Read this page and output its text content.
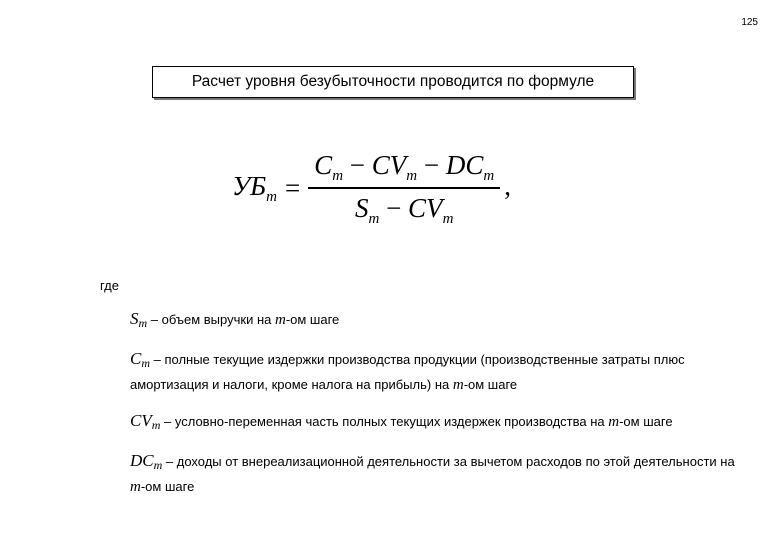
125
Расчет уровня безубыточности проводится по формуле
$УБ_m = \frac{C_m - CV_m - DC_m}{S_m - CV_m}$ ,
где
$S_m$ – объем выручки на m-ом шаге
$C_m$ – полные текущие издержки производства продукции (производственные затраты плюс амортизация и налоги, кроме налога на прибыль) на m-ом шаге
$CV_m$ – условно-переменная часть полных текущих издержек производства на m-ом шаге
$DC_m$ – доходы от внереализационной деятельности за вычетом расходов по этой деятельности на m-ом шаге
